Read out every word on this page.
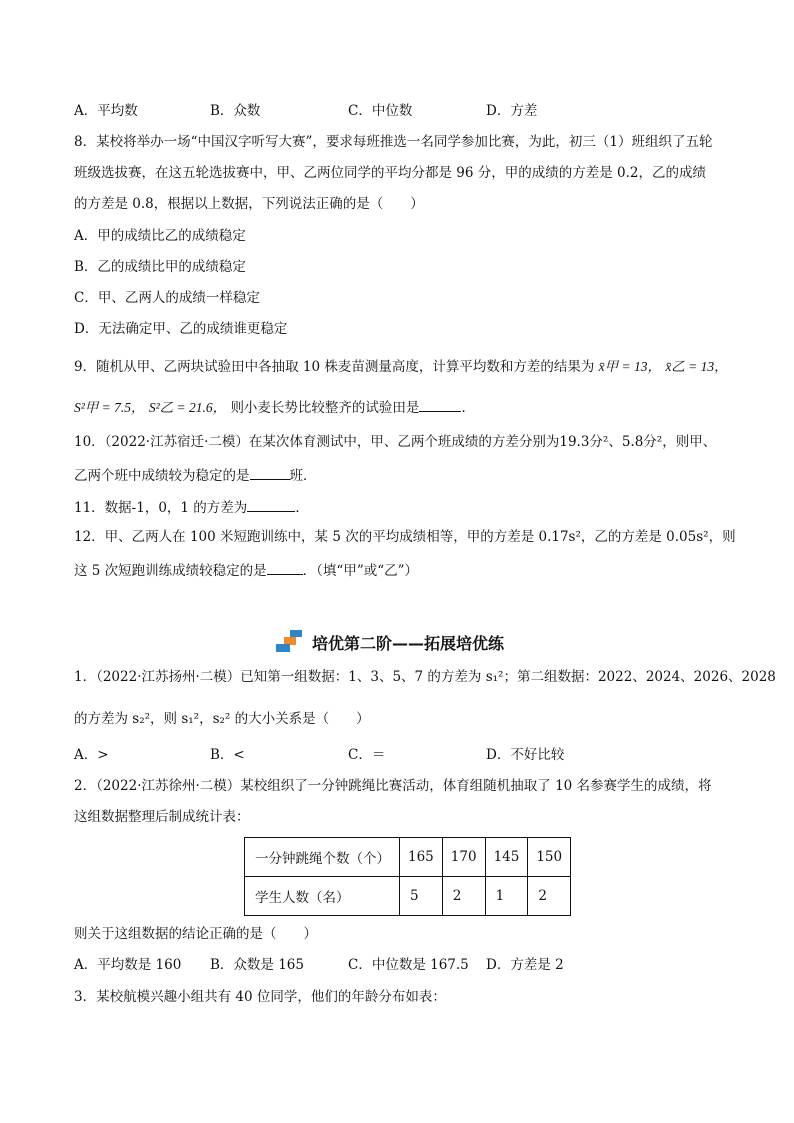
A．平均数	B．众数	C．中位数	D．方差
8．某校将举办一场“中国汉字听写大赛”，要求每班推选一名同学参加比赛，为此，初三（1）班组织了五轮
班级选拔赛，在这五轮选拔赛中，甲、乙两位同学的平均分都是 96 分，甲的成绩的方差是 0.2，乙的成绩
的方差是 0.8，根据以上数据，下列说法正确的是（　　）
A．甲的成绩比乙的成绩稳定
B．乙的成绩比甲的成绩稳定
C．甲、乙两人的成绩一样稳定
D．无法确定甲、乙的成绩谁更稳定
9．随机从甲、乙两块试验田中各抽取 10 株麦苗测量高度，计算平均数和方差的结果为 x̄甲 = 13， x̄乙 = 13，
S²甲 = 7.5， S²乙 = 21.6， 则小麦长势比较整齐的试验田是	．
10．（2022·江苏宿迁·二模）在某次体育测试中，甲、乙两个班成绩的方差分别为19.3分²、5.8分²，则甲、
乙两个班中成绩较为稳定的是	班．
11．数据-1，0，1 的方差为	．
12．甲、乙两人在 100 米短跑训练中，某 5 次的平均成绩相等，甲的方差是 0.17s²，乙的方差是 0.05s²，则
这 5 次短跑训练成绩较稳定的是	．（填“甲”或“乙”）
培优第二阶——拓展培优练
1．（2022·江苏扬州·二模）已知第一组数据：1、3、5、7 的方差为 s₁²；第二组数据：2022、2024、2026、2028
的方差为 s₂²，则 s₁²，s₂² 的大小关系是（　　）
A．>	B．<	C．＝	D．不好比较
2．（2022·江苏徐州·二模）某校组织了一分钟跳绳比赛活动，体育组随机抽取了 10 名参赛学生的成绩，将
这组数据整理后制成统计表：
一分钟跳绳个数（个）	165	170	145	150
学生人数（名）	5	2	1	2
则关于这组数据的结论正确的是（　　）
A．平均数是 160 B．众数是 165	C．中位数是 167.5 D．方差是 2
3．某校航模兴趣小组共有 40 位同学，他们的年龄分布如表：
